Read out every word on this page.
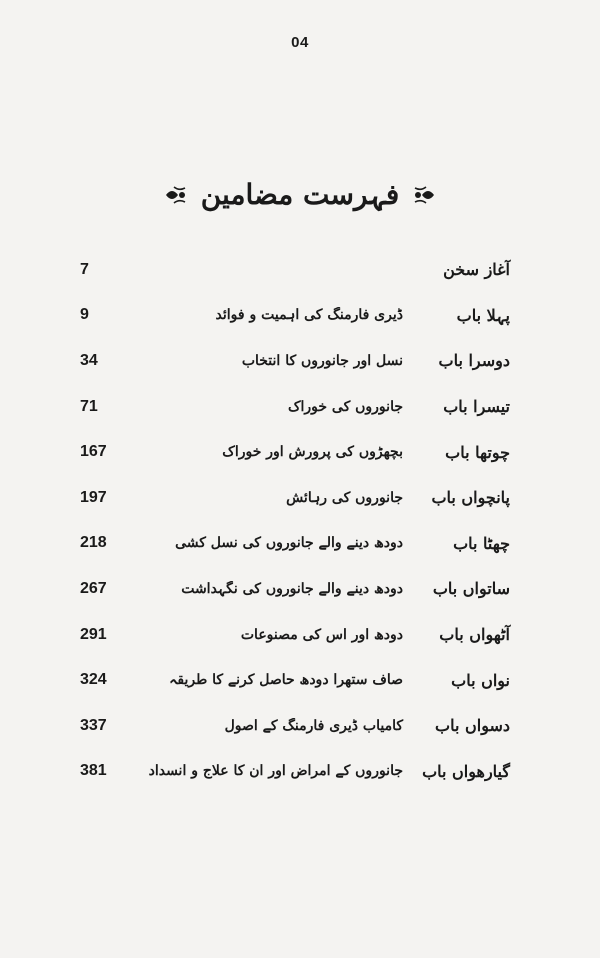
04
فہرست مضامین
آغاز سخن
7
پہلا باب
ڈیری فارمنگ کی اہمیت و فوائد
9
دوسرا باب
نسل اور جانوروں کا انتخاب
34
تیسرا باب
جانوروں کی خوراک
71
چوتھا باب
بچھڑوں کی پرورش اور خوراک
167
پانچواں باب
جانوروں کی رہائش
197
چھٹا باب
دودھ دینے والے جانوروں کی نسل کشی
218
ساتواں باب
دودھ دینے والے جانوروں کی نگہداشت
267
آٹھواں باب
دودھ اور اس کی مصنوعات
291
نواں باب
صاف ستھرا دودھ حاصل کرنے کا طریقہ
324
دسواں باب
کامیاب ڈیری فارمنگ کے اصول
337
گیارھواں باب
جانوروں کے امراض اور ان کا علاج و انسداد
381
